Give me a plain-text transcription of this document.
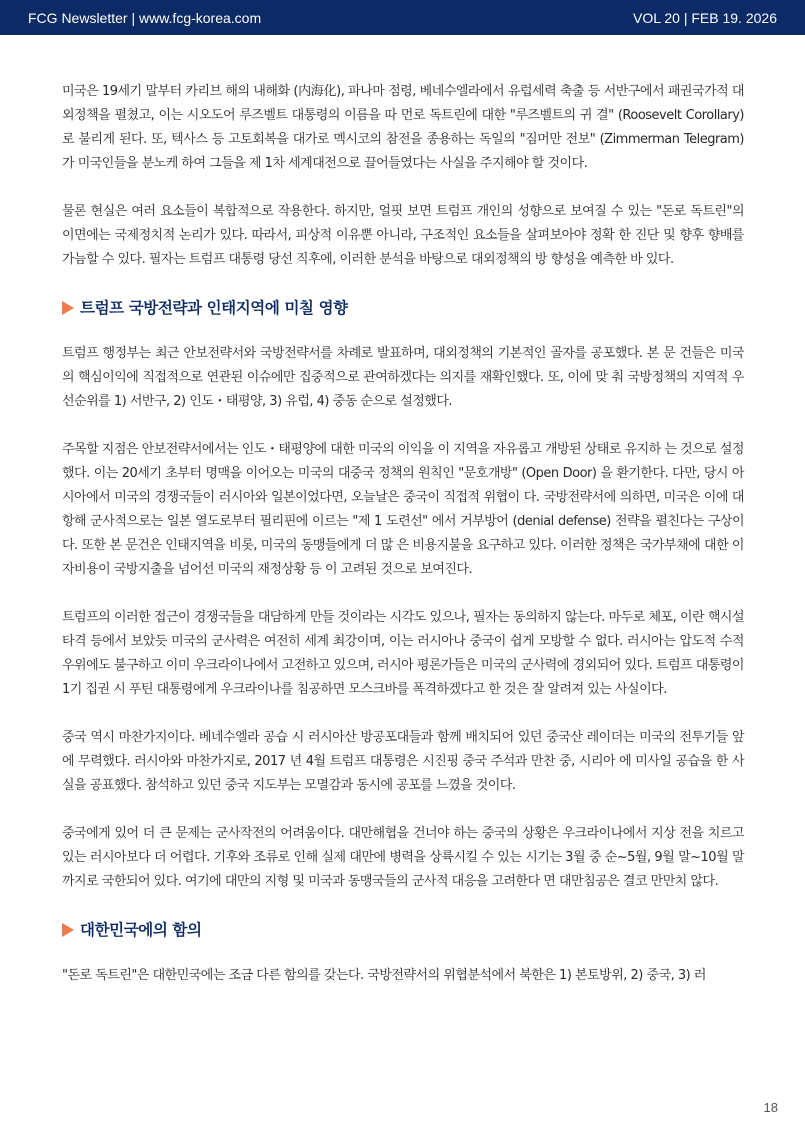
FCG Newsletter | www.fcg-korea.com	VOL 20 | FEB 19. 2026

미국은 19세기 말부터 카리브 해의 내해화 (内海化), 파나마 점령, 베네수엘라에서 유럽세력 축출 등 서반구에서 패권국가적 대외정책을 펼쳤고, 이는 시오도어 루즈벨트 대통령의 이름을 따 먼로 독트린에 대한 "루즈벨트의 귀 결" (Roosevelt Corollary) 로 불리게 된다. 또, 텍사스 등 고토회복을 대가로 멕시코의 참전을 종용하는 독일의 "짐머만 전보" (Zimmerman Telegram) 가 미국인들을 분노케 하여 그들을 제 1차 세계대전으로 끌어들였다는 사실을 주지해야 할 것이다.

물론 현실은 여러 요소들이 복합적으로 작용한다. 하지만, 얼핏 보면 트럼프 개인의 성향으로 보여질 수 있는 "돈로 독트린"의 이면에는 국제정치적 논리가 있다. 따라서, 피상적 이유뿐 아니라, 구조적인 요소들을 살펴보아야 정확 한 진단 및 향후 향배를 가늠할 수 있다. 필자는 트럼프 대통령 당선 직후에, 이러한 분석을 바탕으로 대외정책의 방 향성을 예측한 바 있다.

트럼프 국방전략과 인태지역에 미칠 영향

트럼프 행정부는 최근 안보전략서와 국방전략서를 차례로 발표하며, 대외정책의 기본적인 골자를 공포했다. 본 문 건들은 미국의 핵심이익에 직접적으로 연관된 이슈에만 집중적으로 관여하겠다는 의지를 재확인했다. 또, 이에 맞 춰 국방정책의 지역적 우선순위를 1) 서반구, 2) 인도・태평양, 3) 유럽, 4) 중동 순으로 설정했다.

주목할 지점은 안보전략서에서는 인도・태평양에 대한 미국의 이익을 이 지역을 자유롭고 개방된 상태로 유지하 는 것으로 설정했다. 이는 20세기 초부터 명맥을 이어오는 미국의 대중국 정책의 원칙인 "문호개방" (Open Door) 을 환기한다. 다만, 당시 아시아에서 미국의 경쟁국들이 러시아와 일본이었다면, 오늘날은 중국이 직접적 위협이 다. 국방전략서에 의하면, 미국은 이에 대항해 군사적으로는 일본 열도로부터 필리핀에 이르는 "제 1 도련선" 에서 거부방어 (denial defense) 전략을 펼친다는 구상이다. 또한 본 문건은 인태지역을 비롯, 미국의 동맹들에게 더 많 은 비용지불을 요구하고 있다. 이러한 정책은 국가부채에 대한 이자비용이 국방지출을 넘어선 미국의 재정상황 등 이 고려된 것으로 보여진다.

트럼프의 이러한 접근이 경쟁국들을 대담하게 만들 것이라는 시각도 있으나, 필자는 동의하지 않는다. 마두로 체포, 이란 핵시설 타격 등에서 보았듯 미국의 군사력은 여전히 세계 최강이며, 이는 러시아나 중국이 쉽게 모방할 수 없다. 러시아는 압도적 수적 우위에도 불구하고 이미 우크라이나에서 고전하고 있으며, 러시아 평론가들은 미국의 군사력에 경외되어 있다. 트럼프 대통령이 1기 집권 시 푸틴 대통령에게 우크라이나를 침공하면 모스크바를 폭격하겠다고 한 것은 잘 알려져 있는 사실이다.

중국 역시 마찬가지이다. 베네수엘라 공습 시 러시아산 방공포대들과 함께 배치되어 있던 중국산 레이더는 미국의 전투기들 앞에 무력했다. 러시아와 마찬가지로, 2017 년 4월 트럼프 대통령은 시진핑 중국 주석과 만찬 중, 시리아 에 미사일 공습을 한 사실을 공표했다. 참석하고 있던 중국 지도부는 모멸감과 동시에 공포를 느꼈을 것이다.

중국에게 있어 더 큰 문제는 군사작전의 어려움이다. 대만해협을 건너야 하는 중국의 상황은 우크라이나에서 지상 전을 치르고 있는 러시아보다 더 어렵다. 기후와 조류로 인해 실제 대만에 병력을 상륙시킬 수 있는 시기는 3월 중 순~5월, 9월 말~10월 말까지로 국한되어 있다. 여기에 대만의 지형 및 미국과 동맹국들의 군사적 대응을 고려한다 면 대만침공은 결코 만만치 않다.

대한민국에의 함의

"돈로 독트린"은 대한민국에는 조금 다른 함의를 갖는다. 국방전략서의 위협분석에서 북한은 1) 본토방위, 2) 중국, 3) 러

18
